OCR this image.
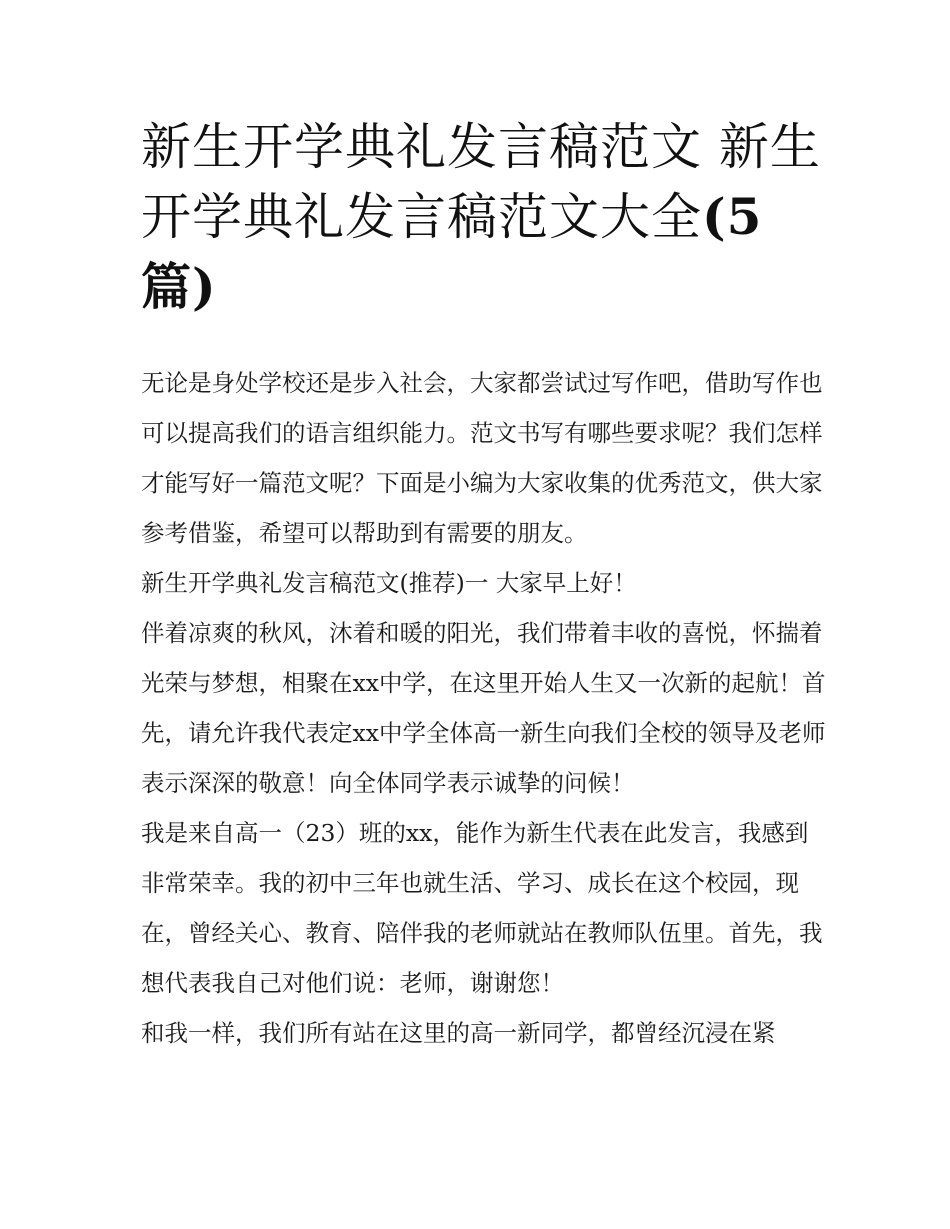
新生开学典礼发言稿范文 新生开学典礼发言稿范文大全(5
篇)

无论是身处学校还是步入社会，大家都尝试过写作吧，借助写作也可以提高我们的语言组织能力。范文书写有哪些要求呢？我们怎样才能写好一篇范文呢？下面是小编为大家收集的优秀范文，供大家参考借鉴，希望可以帮助到有需要的朋友。

新生开学典礼发言稿范文(推荐)一 大家早上好！

伴着凉爽的秋风，沐着和暖的阳光，我们带着丰收的喜悦，怀揣着光荣与梦想，相聚在xx中学，在这里开始人生又一次新的起航！首先，请允许我代表定xx中学全体高一新生向我们全校的领导及老师表示深深的敬意！向全体同学表示诚挚的问候！

我是来自高一（23）班的xx，能作为新生代表在此发言，我感到非常荣幸。我的初中三年也就生活、学习、成长在这个校园，现在，曾经关心、教育、陪伴我的老师就站在教师队伍里。首先，我想代表我自己对他们说：老师，谢谢您！

和我一样，我们所有站在这里的高一新同学，都曾经沉浸在紧
